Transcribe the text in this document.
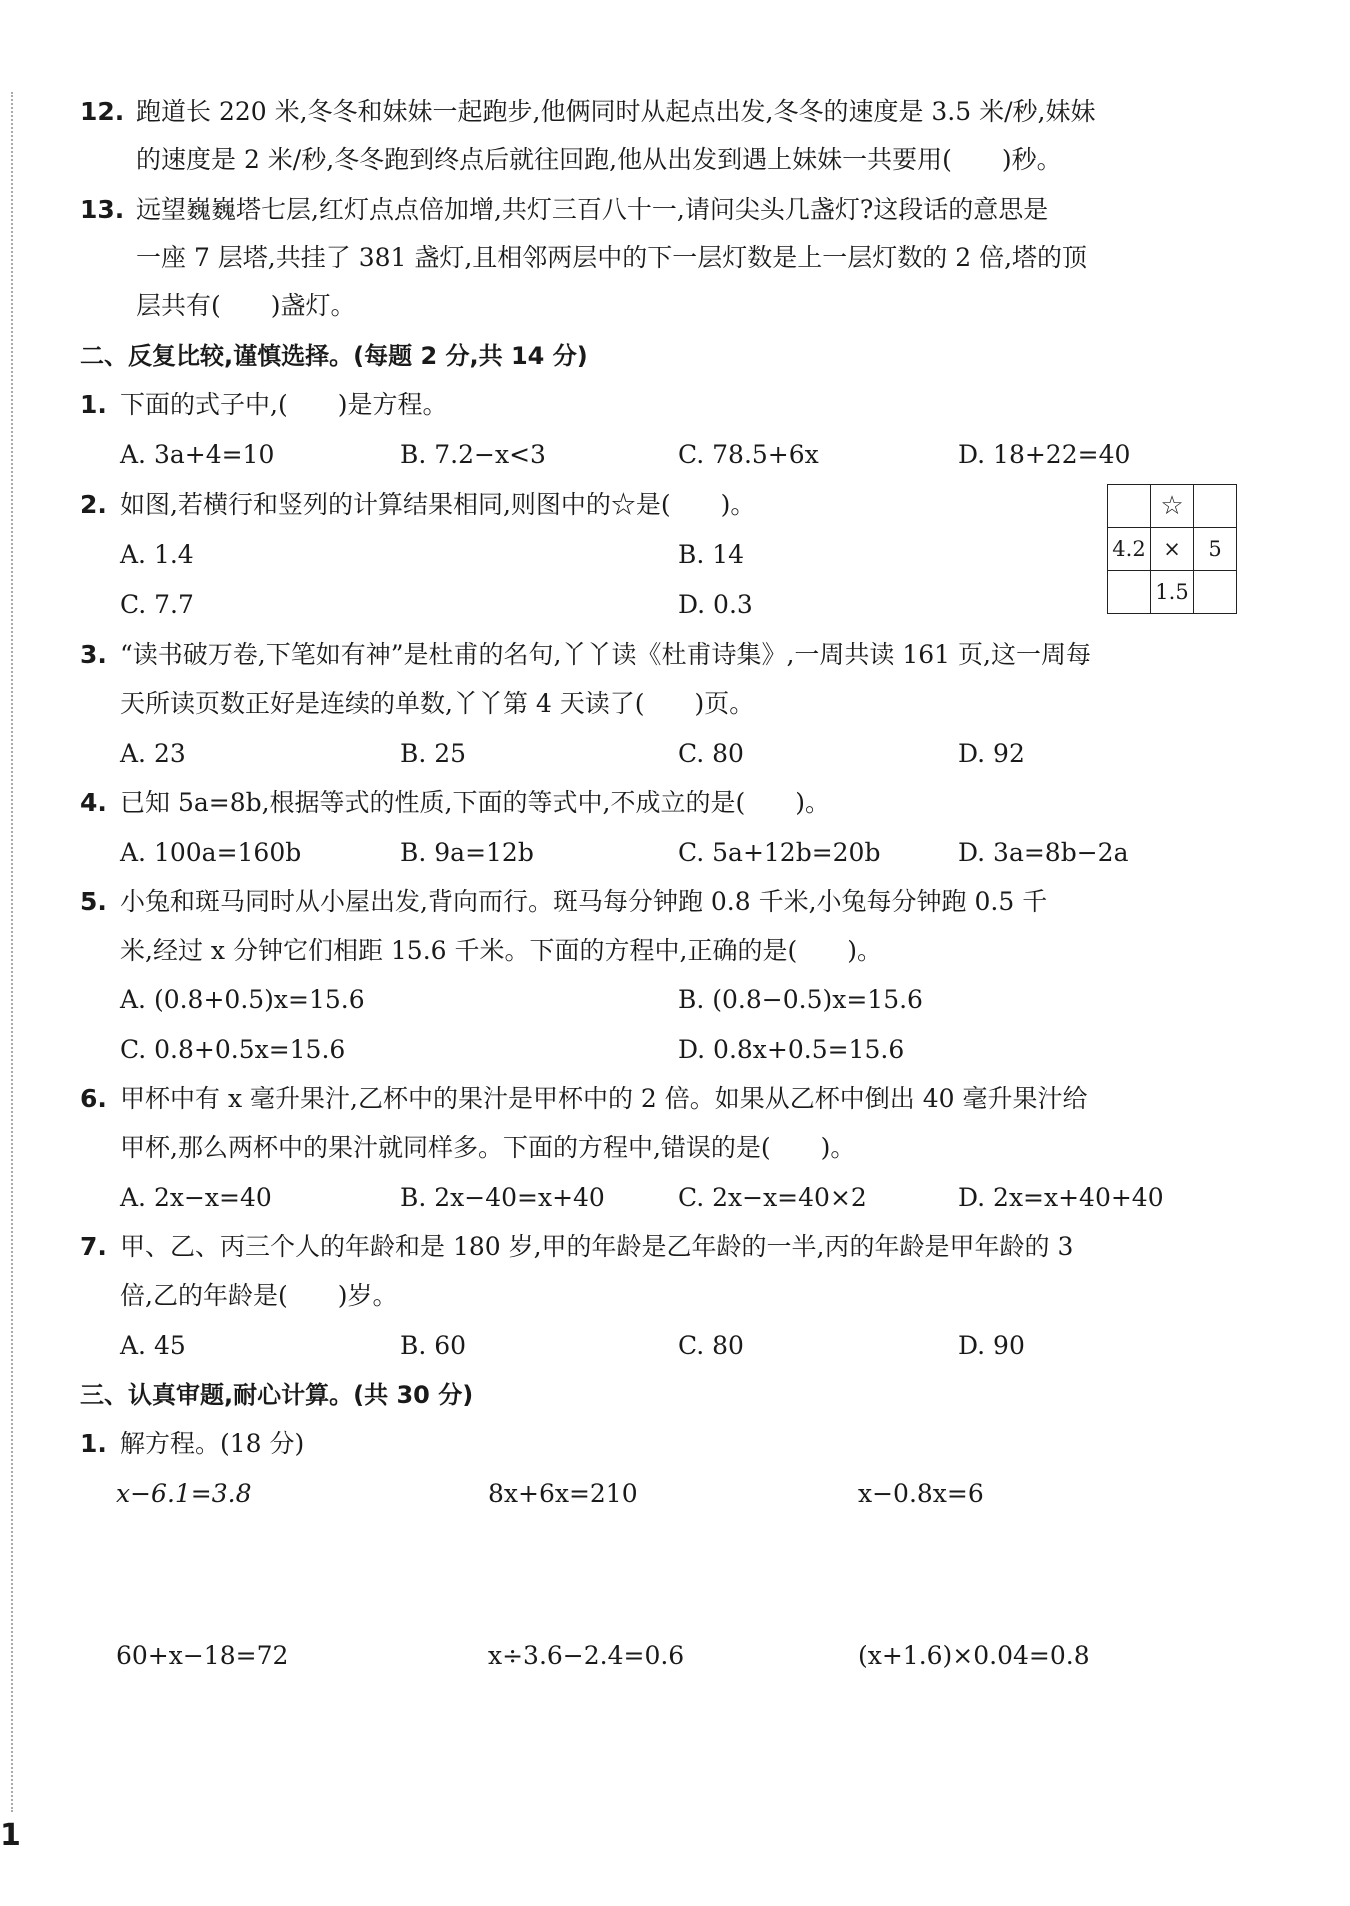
12. 跑道长 220 米,冬冬和妹妹一起跑步,他俩同时从起点出发,冬冬的速度是 3.5 米/秒,妹妹
的速度是 2 米/秒,冬冬跑到终点后就往回跑,他从出发到遇上妹妹一共要用(　　)秒。
13. 远望巍巍塔七层,红灯点点倍加增,共灯三百八十一,请问尖头几盏灯?这段话的意思是
一座 7 层塔,共挂了 381 盏灯,且相邻两层中的下一层灯数是上一层灯数的 2 倍,塔的顶
层共有(　　)盏灯。
二、反复比较,谨慎选择。(每题 2 分,共 14 分)
1. 下面的式子中,(　　)是方程。
A. 3a+4=10	B. 7.2−x<3	C. 78.5+6x	D. 18+22=40
2. 如图,若横行和竖列的计算结果相同,则图中的☆是(　　)。
A. 1.4	B. 14
C. 7.7	D. 0.3
	☆	
4.2	×	5
	1.5	
3. “读书破万卷,下笔如有神”是杜甫的名句,丫丫读《杜甫诗集》,一周共读 161 页,这一周每
天所读页数正好是连续的单数,丫丫第 4 天读了(　　)页。
A. 23	B. 25	C. 80	D. 92
4. 已知 5a=8b,根据等式的性质,下面的等式中,不成立的是(　　)。
A. 100a=160b	B. 9a=12b	C. 5a+12b=20b	D. 3a=8b−2a
5. 小兔和斑马同时从小屋出发,背向而行。斑马每分钟跑 0.8 千米,小兔每分钟跑 0.5 千
米,经过 x 分钟它们相距 15.6 千米。下面的方程中,正确的是(　　)。
A. (0.8+0.5)x=15.6	B. (0.8−0.5)x=15.6
C. 0.8+0.5x=15.6	D. 0.8x+0.5=15.6
6. 甲杯中有 x 毫升果汁,乙杯中的果汁是甲杯中的 2 倍。如果从乙杯中倒出 40 毫升果汁给
甲杯,那么两杯中的果汁就同样多。下面的方程中,错误的是(　　)。
A. 2x−x=40	B. 2x−40=x+40	C. 2x−x=40×2	D. 2x=x+40+40
7. 甲、乙、丙三个人的年龄和是 180 岁,甲的年龄是乙年龄的一半,丙的年龄是甲年龄的 3
倍,乙的年龄是(　　)岁。
A. 45	B. 60	C. 80	D. 90
三、认真审题,耐心计算。(共 30 分)
1. 解方程。(18 分)
x−6.1=3.8	8x+6x=210	x−0.8x=6
60+x−18=72	x÷3.6−2.4=0.6	(x+1.6)×0.04=0.8
1
